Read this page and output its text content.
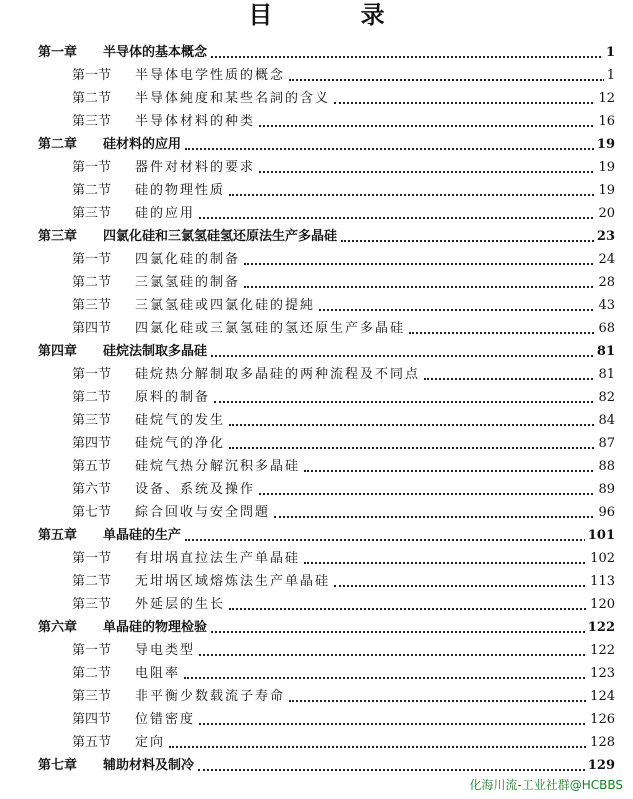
目 录
第一章 半导体的基本概念	1
第一节 半导体电学性质的概念	1
第二节 半导体純度和某些名詞的含义	12
第三节 半导体材料的种类	16
第二章 硅材料的应用	19
第一节 器件对材料的要求	19
第二节 硅的物理性质	19
第三节 硅的应用	20
第三章 四氯化硅和三氯氢硅氢还原法生产多晶硅	23
第一节 四氯化硅的制备	24
第二节 三氯氢硅的制备	28
第三节 三氯氢硅或四氯化硅的提純	43
第四节 四氯化硅或三氯氢硅的氢还原生产多晶硅	68
第四章 硅烷法制取多晶硅	81
第一节 硅烷热分解制取多晶硅的两种流程及不同点	81
第二节 原料的制备	82
第三节 硅烷气的发生	84
第四节 硅烷气的净化	87
第五节 硅烷气热分解沉积多晶硅	88
第六节 设备、系统及操作	89
第七节 綜合回收与安全問題	96
第五章 单晶硅的生产	101
第一节 有坩埚直拉法生产单晶硅	102
第二节 无坩埚区域熔炼法生产单晶硅	113
第三节 外延层的生长	120
第六章 单晶硅的物理检验	122
第一节 导电类型	122
第二节 电阻率	123
第三节 非平衡少数载流子寿命	124
第四节 位错密度	126
第五节 定向	128
第七章 辅助材料及制冷	129
化海川流-工业社群@HCBBS
